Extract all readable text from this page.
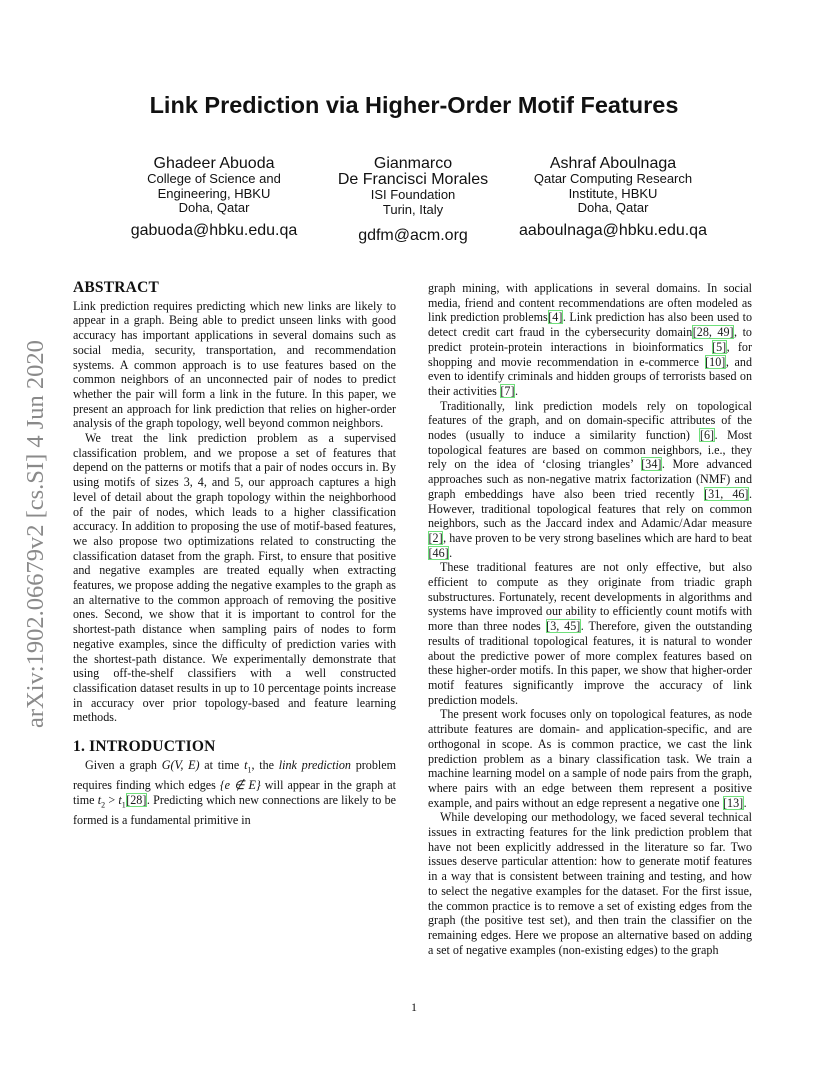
arXiv:1902.06679v2 [cs.SI] 4 Jun 2020
Link Prediction via Higher-Order Motif Features
Ghadeer Abuoda
College of Science and
Engineering, HBKU
Doha, Qatar
gabuoda@hbku.edu.qa
Gianmarco
De Francisci Morales
ISI Foundation
Turin, Italy
gdfm@acm.org
Ashraf Aboulnaga
Qatar Computing Research
Institute, HBKU
Doha, Qatar
aaboulnaga@hbku.edu.qa
ABSTRACT

Link prediction requires predicting which new links are likely to appear in a graph. Being able to predict unseen links with good accuracy has important applications in several domains such as social media, security, transportation, and recommendation systems. A common approach is to use features based on the common neighbors of an unconnected pair of nodes to predict whether the pair will form a link in the future. In this paper, we present an approach for link prediction that relies on higher-order analysis of the graph topology, well beyond common neighbors.

We treat the link prediction problem as a supervised classification problem, and we propose a set of features that depend on the patterns or motifs that a pair of nodes occurs in. By using motifs of sizes 3, 4, and 5, our approach captures a high level of detail about the graph topology within the neighborhood of the pair of nodes, which leads to a higher classification accuracy. In addition to proposing the use of motif-based features, we also propose two optimizations related to constructing the classification dataset from the graph. First, to ensure that positive and negative examples are treated equally when extracting features, we propose adding the negative examples to the graph as an alternative to the common approach of removing the positive ones. Second, we show that it is important to control for the shortest-path distance when sampling pairs of nodes to form negative examples, since the difficulty of prediction varies with the shortest-path distance. We experimentally demonstrate that using off-the-shelf classifiers with a well constructed classification dataset results in up to 10 percentage points increase in accuracy over prior topology-based and feature learning methods.

1. INTRODUCTION

Given a graph G(V, E) at time $t_1$, the link prediction problem requires finding which edges {e ∉ E} will appear in the graph at time $t_2 > t_1[28]$. Predicting which new connections are likely to be formed is a fundamental primitive in

graph mining, with applications in several domains. In social media, friend and content recommendations are often modeled as link prediction problems[4]. Link prediction has also been used to detect credit cart fraud in the cybersecurity domain[28, 49], to predict protein-protein interactions in bioinformatics [5], for shopping and movie recommendation in e-commerce [10], and even to identify criminals and hidden groups of terrorists based on their activities [7].

Traditionally, link prediction models rely on topological features of the graph, and on domain-specific attributes of the nodes (usually to induce a similarity function) [6]. Most topological features are based on common neighbors, i.e., they rely on the idea of ‘closing triangles’ [34]. More advanced approaches such as non-negative matrix factorization (NMF) and graph embeddings have also been tried recently [31, 46]. However, traditional topological features that rely on common neighbors, such as the Jaccard index and Adamic/Adar measure [2], have proven to be very strong baselines which are hard to beat [46].

These traditional features are not only effective, but also efficient to compute as they originate from triadic graph substructures. Fortunately, recent developments in algorithms and systems have improved our ability to efficiently count motifs with more than three nodes [3, 45]. Therefore, given the outstanding results of traditional topological features, it is natural to wonder about the predictive power of more complex features based on these higher-order motifs. In this paper, we show that higher-order motif features significantly improve the accuracy of link prediction models.

The present work focuses only on topological features, as node attribute features are domain- and application-specific, and are orthogonal in scope. As is common practice, we cast the link prediction problem as a binary classification task. We train a machine learning model on a sample of node pairs from the graph, where pairs with an edge between them represent a positive example, and pairs without an edge represent a negative one [13].

While developing our methodology, we faced several technical issues in extracting features for the link prediction problem that have not been explicitly addressed in the literature so far. Two issues deserve particular attention: how to generate motif features in a way that is consistent between training and testing, and how to select the negative examples for the dataset. For the first issue, the common practice is to remove a set of existing edges from the graph (the positive test set), and then train the classifier on the remaining edges. Here we propose an alternative based on adding a set of negative examples (non-existing edges) to the graph

1
